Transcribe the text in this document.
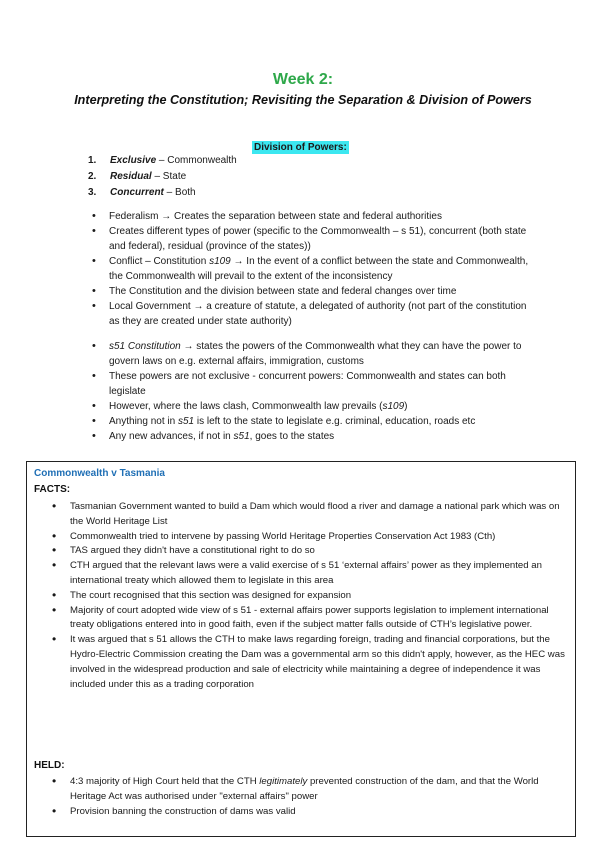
Week 2:
Interpreting the Constitution; Revisiting the Separation & Division of Powers
Division of Powers:
1. Exclusive – Commonwealth
2. Residual – State
3. Concurrent – Both
• Federalism → Creates the separation between state and federal authorities
• Creates different types of power (specific to the Commonwealth – s 51), concurrent (both state and federal), residual (province of the states))
• Conflict – Constitution s109 → In the event of a conflict between the state and Commonwealth, the Commonwealth will prevail to the extent of the inconsistency
• The Constitution and the division between state and federal changes over time
• Local Government → a creature of statute, a delegated of authority (not part of the constitution as they are created under state authority)
• s51 Constitution → states the powers of the Commonwealth what they can have the power to govern laws on e.g. external affairs, immigration, customs
• These powers are not exclusive - concurrent powers: Commonwealth and states can both legislate
• However, where the laws clash, Commonwealth law prevails (s109)
• Anything not in s51 is left to the state to legislate e.g. criminal, education, roads etc
• Any new advances, if not in s51, goes to the states
Commonwealth v Tasmania
FACTS:
• Tasmanian Government wanted to build a Dam which would flood a river and damage a national park which was on the World Heritage List
• Commonwealth tried to intervene by passing World Heritage Properties Conservation Act 1983 (Cth)
• TAS argued they didn't have a constitutional right to do so
• CTH argued that the relevant laws were a valid exercise of s 51 ‘external affairs’ power as they implemented an international treaty which allowed them to legislate in this area
• The court recognised that this section was designed for expansion
• Majority of court adopted wide view of s 51 - external affairs power supports legislation to implement international treaty obligations entered into in good faith, even if the subject matter falls outside of CTH’s legislative power.
• It was argued that s 51 allows the CTH to make laws regarding foreign, trading and financial corporations, but the Hydro-Electric Commission creating the Dam was a governmental arm so this didn't apply, however, as the HEC was involved in the widespread production and sale of electricity while maintaining a degree of independence it was included under this as a trading corporation
HELD:
• 4:3 majority of High Court held that the CTH legitimately prevented construction of the dam, and that the World Heritage Act was authorised under "external affairs" power
• Provision banning the construction of dams was valid
